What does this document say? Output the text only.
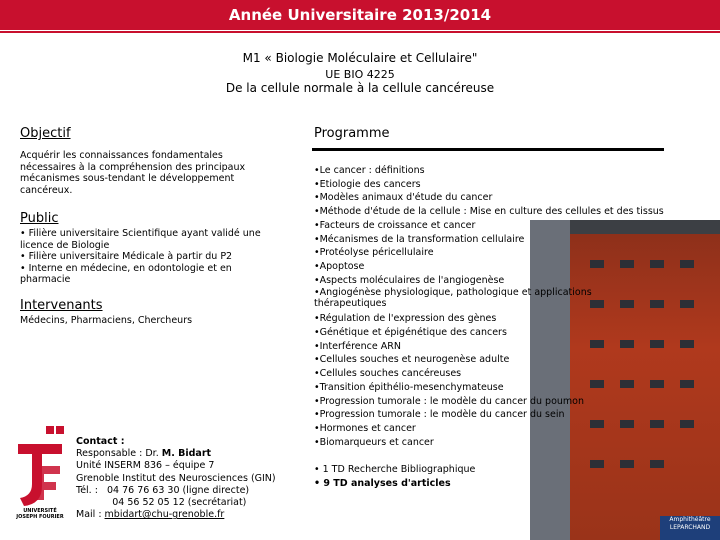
Année Universitaire 2013/2014
M1 « Biologie Moléculaire et Cellulaire"
UE BIO 4225
De la cellule normale à la cellule cancéreuse
Objectif
Acquérir les connaissances fondamentales
nécessaires à la compréhension des principaux
mécanismes sous-tendant le développement
cancéreux.
Public
• Filière universitaire Scientifique ayant validé une
licence de Biologie
• Filière universitaire Médicale à partir du P2
• Interne en médecine, en odontologie et en
pharmacie
Intervenants
Médecins, Pharmaciens, Chercheurs
Amphithéâtre LEPARCHAND
Programme
•Le cancer : définitions
•Etiologie des cancers
•Modèles animaux d'étude du cancer
•Méthode d'étude de la cellule : Mise en culture des cellules et des tissus
•Facteurs de croissance et cancer
•Mécanismes de la transformation cellulaire
•Protéolyse péricellulaire
•Apoptose
•Aspects moléculaires de l'angiogenèse
•Angiogénèse physiologique, pathologique et applications
thérapeutiques
•Régulation de l'expression des gènes
•Génétique et épigénétique des cancers
•Interférence ARN
•Cellules souches et neurogenèse adulte
•Cellules souches cancéreuses
•Transition épithélio-mesenchymateuse
•Progression tumorale : le modèle du cancer du poumon
•Progression tumorale : le modèle du cancer du sein
•Hormones et cancer
•Biomarqueurs et cancer
• 1 TD Recherche Bibliographique
• 9 TD analyses d'articles
UNIVERSITÉ JOSEPH FOURIER
Contact :
Responsable : Dr. M. Bidart
Unité INSERM 836 – équipe 7
Grenoble Institut des Neurosciences (GIN)
Tél. :   04 76 76 63 30 (ligne directe)
04 56 52 05 12 (secrétariat)
Mail : mbidart@chu-grenoble.fr
